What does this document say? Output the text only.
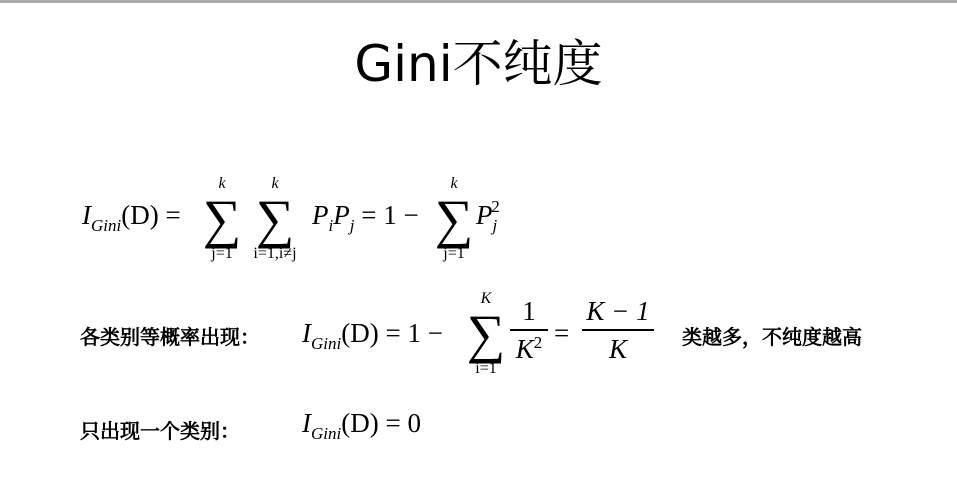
Gini不纯度
$I_{Gini}(D)$ =
k
∑
j=1
k
∑
i=1,i≠j
$P_iP_j = 1$ −
k
∑
j=1
$P_j^2$
各类别等概率出现： $I_{Gini}(D) = 1$ −
K
∑
i=1
1
$K^2$ =
K − 1
K	类越多，不纯度越高
只出现一个类别： $I_{Gini}(D) = 0$
